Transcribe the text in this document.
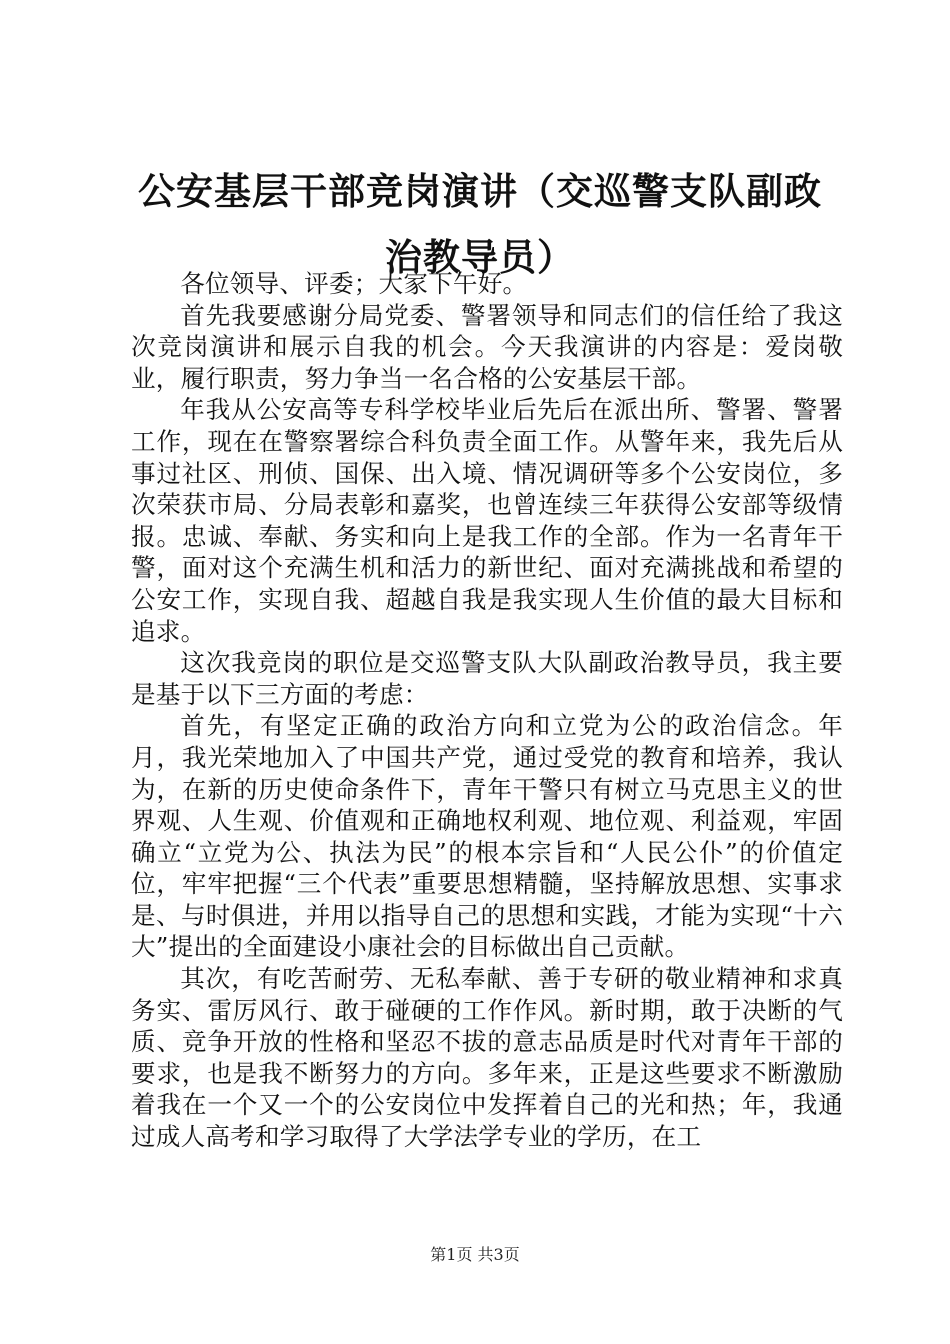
公安基层干部竞岗演讲（交巡警支队副政治教导员）

各位领导、评委；大家下午好。

首先我要感谢分局党委、警署领导和同志们的信任给了我这次竞岗演讲和展示自我的机会。今天我演讲的内容是：爱岗敬业，履行职责，努力争当一名合格的公安基层干部。

年我从公安高等专科学校毕业后先后在派出所、警署、警署工作，现在在警察署综合科负责全面工作。从警年来，我先后从事过社区、刑侦、国保、出入境、情况调研等多个公安岗位，多次荣获市局、分局表彰和嘉奖，也曾连续三年获得公安部等级情报。忠诚、奉献、务实和向上是我工作的全部。作为一名青年干警，面对这个充满生机和活力的新世纪、面对充满挑战和希望的公安工作，实现自我、超越自我是我实现人生价值的最大目标和追求。

这次我竞岗的职位是交巡警支队大队副政治教导员，我主要是基于以下三方面的考虑：

首先，有坚定正确的政治方向和立党为公的政治信念。年月，我光荣地加入了中国共产党，通过受党的教育和培养，我认为，在新的历史使命条件下，青年干警只有树立马克思主义的世界观、人生观、价值观和正确地权利观、地位观、利益观，牢固确立“立党为公、执法为民”的根本宗旨和“人民公仆”的价值定位，牢牢把握“三个代表”重要思想精髓，坚持解放思想、实事求是、与时俱进，并用以指导自己的思想和实践，才能为实现“十六大”提出的全面建设小康社会的目标做出自己贡献。

其次，有吃苦耐劳、无私奉献、善于专研的敬业精神和求真务实、雷厉风行、敢于碰硬的工作作风。新时期，敢于决断的气质、竞争开放的性格和坚忍不拔的意志品质是时代对青年干部的要求，也是我不断努力的方向。多年来，正是这些要求不断激励着我在一个又一个的公安岗位中发挥着自己的光和热；年，我通过成人高考和学习取得了大学法学专业的学历，在工

第1页 共3页
